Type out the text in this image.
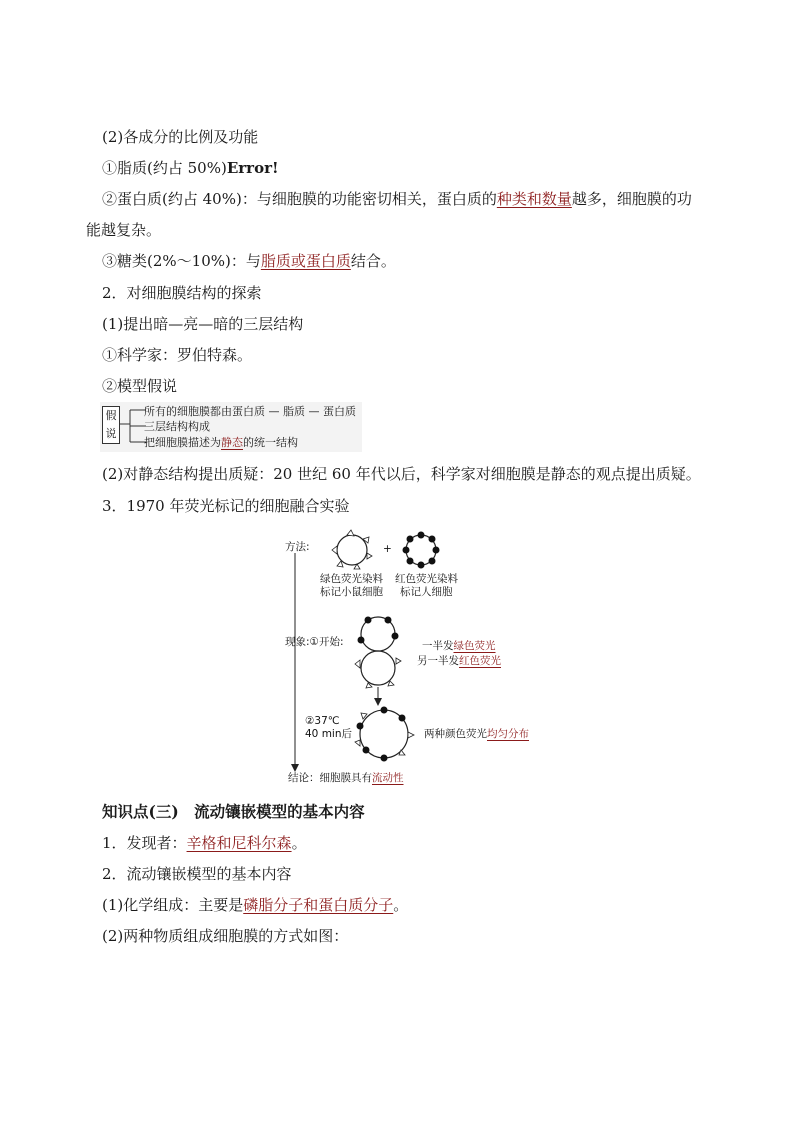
(2)各成分的比例及功能
①脂质(约占 50%)Error!
②蛋白质(约占 40%)：与细胞膜的功能密切相关，蛋白质的种类和数量越多，细胞膜的功
能越复杂。
③糖类(2%～10%)：与脂质或蛋白质结合。
2．对细胞膜结构的探索
(1)提出暗—亮—暗的三层结构
①科学家：罗伯特森。
②模型假说
假
说
所有的细胞膜都由蛋白质 — 脂质 — 蛋白质
三层结构构成
把细胞膜描述为静态的统一结构
(2)对静态结构提出质疑：20 世纪 60 年代以后，科学家对细胞膜是静态的观点提出质疑。
3．1970 年荧光标记的细胞融合实验
方法:	+
绿色荧光染料
标记小鼠细胞
红色荧光染料
标记人细胞
现象:①开始:	一半发绿色荧光
另一半发红色荧光
②37℃
40 min后	两种颜色荧光均匀分布
结论：细胞膜具有流动性
知识点(三)　流动镶嵌模型的基本内容
1．发现者：辛格和尼科尔森。
2．流动镶嵌模型的基本内容
(1)化学组成：主要是磷脂分子和蛋白质分子。
(2)两种物质组成细胞膜的方式如图：
